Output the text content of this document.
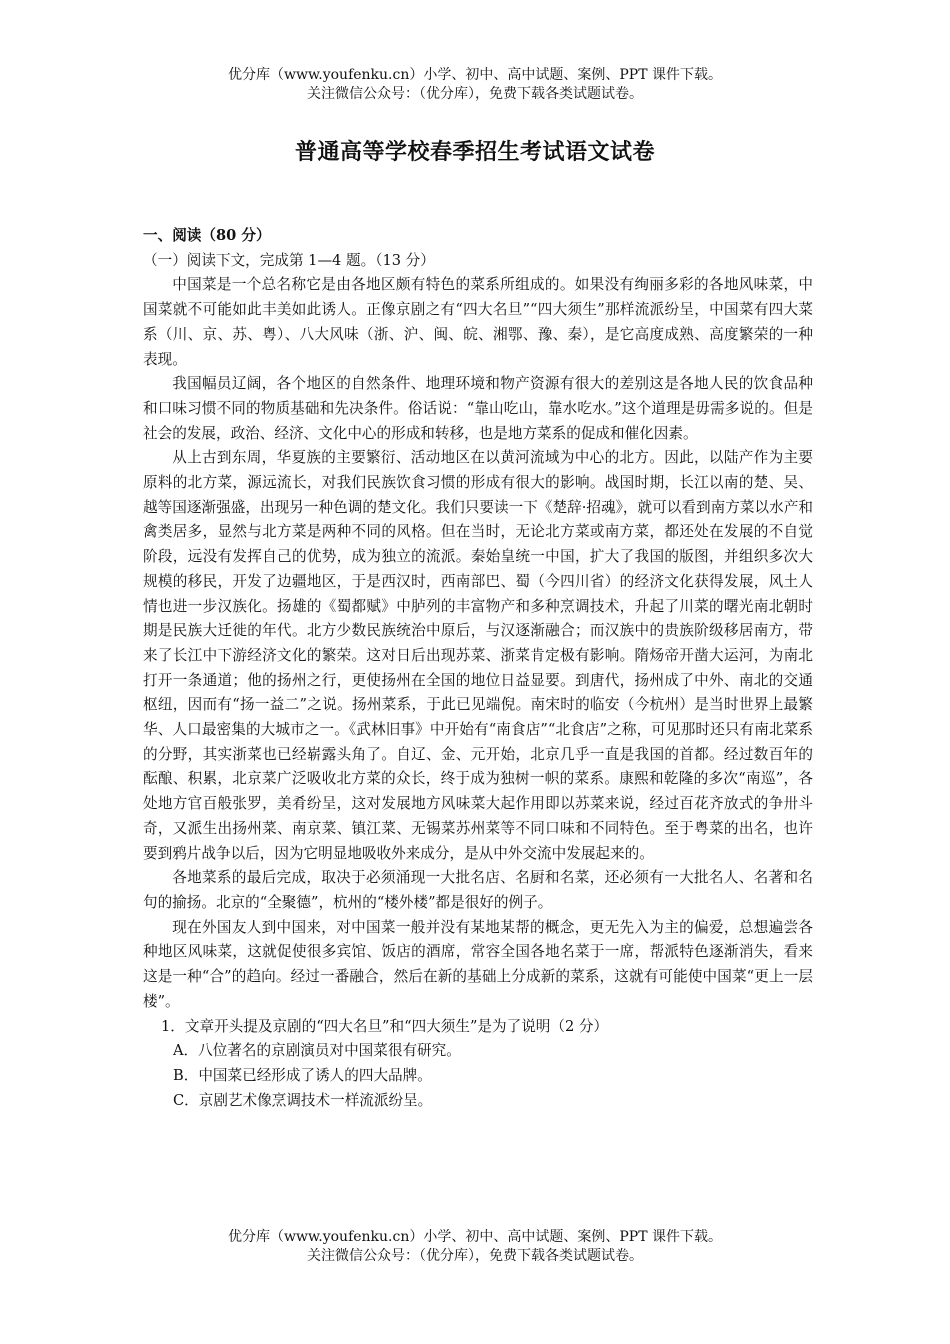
优分库（www.youfenku.cn）小学、初中、高中试题、案例、PPT 课件下载。
关注微信公众号：（优分库），免费下载各类试题试卷。
普通高等学校春季招生考试语文试卷

一、阅读（80 分）

（一）阅读下文，完成第 1—4 题。（13 分）

中国菜是一个总名称它是由各地区颇有特色的菜系所组成的。如果没有绚丽多彩的各地风味菜，中国菜就不可能如此丰美如此诱人。正像京剧之有“四大名旦”“四大须生”那样流派纷呈，中国菜有四大菜系（川、京、苏、粤）、八大风味（浙、沪、闽、皖、湘鄂、豫、秦），是它高度成熟、高度繁荣的一种表现。

我国幅员辽阔，各个地区的自然条件、地理环境和物产资源有很大的差别这是各地人民的饮食品种和口味习惯不同的物质基础和先决条件。俗话说：“靠山吃山，靠水吃水。”这个道理是毋需多说的。但是社会的发展，政治、经济、文化中心的形成和转移，也是地方菜系的促成和催化因素。

从上古到东周，华夏族的主要繁衍、活动地区在以黄河流域为中心的北方。因此，以陆产作为主要原料的北方菜，源远流长，对我们民族饮食习惯的形成有很大的影响。战国时期，长江以南的楚、吴、越等国逐渐强盛，出现另一种色调的楚文化。我们只要读一下《楚辞·招魂》，就可以看到南方菜以水产和禽类居多，显然与北方菜是两种不同的风格。但在当时，无论北方菜或南方菜，都还处在发展的不自觉阶段，远没有发挥自己的优势，成为独立的流派。秦始皇统一中国，扩大了我国的版图，并组织多次大规模的移民，开发了边疆地区，于是西汉时，西南部巴、蜀（今四川省）的经济文化获得发展，风土人情也进一步汉族化。扬雄的《蜀都赋》中胪列的丰富物产和多种烹调技术，升起了川菜的曙光南北朝时期是民族大迁徙的年代。北方少数民族统治中原后，与汉逐渐融合；而汉族中的贵族阶级移居南方，带来了长江中下游经济文化的繁荣。这对日后出现苏菜、浙菜肯定极有影响。隋炀帝开凿大运河，为南北打开一条通道；他的扬州之行，更使扬州在全国的地位日益显要。到唐代，扬州成了中外、南北的交通枢纽，因而有“扬一益二”之说。扬州菜系，于此已见端倪。南宋时的临安（今杭州）是当时世界上最繁华、人口最密集的大城市之一。《武林旧事》中开始有“南食店”“北食店”之称，可见那时还只有南北菜系的分野，其实浙菜也已经崭露头角了。自辽、金、元开始，北京几乎一直是我国的首都。经过数百年的酝酿、积累，北京菜广泛吸收北方菜的众长，终于成为独树一帜的菜系。康熙和乾隆的多次“南巡”，各处地方官百般张罗，美肴纷呈，这对发展地方风味菜大起作用即以苏菜来说，经过百花齐放式的争卅斗奇，又派生出扬州菜、南京菜、镇江菜、无锡菜苏州菜等不同口味和不同特色。至于粤菜的出名，也许要到鸦片战争以后，因为它明显地吸收外来成分，是从中外交流中发展起来的。

各地菜系的最后完成，取决于必须涌现一大批名店、名厨和名菜，还必须有一大批名人、名著和名句的揄扬。北京的“全聚德”，杭州的“楼外楼”都是很好的例子。

现在外国友人到中国来，对中国菜一般并没有某地某帮的概念，更无先入为主的偏爱，总想遍尝各种地区风味菜，这就促使很多宾馆、饭店的酒席，常容全国各地名菜于一席，帮派特色逐渐消失，看来这是一种“合”的趋向。经过一番融合，然后在新的基础上分成新的菜系，这就有可能使中国菜“更上一层楼”。

1．文章开头提及京剧的“四大名旦”和“四大须生”是为了说明（2 分）

A．八位著名的京剧演员对中国菜很有研究。

B．中国菜已经形成了诱人的四大品牌。

C．京剧艺术像烹调技术一样流派纷呈。

优分库（www.youfenku.cn）小学、初中、高中试题、案例、PPT 课件下载。
关注微信公众号：（优分库），免费下载各类试题试卷。
